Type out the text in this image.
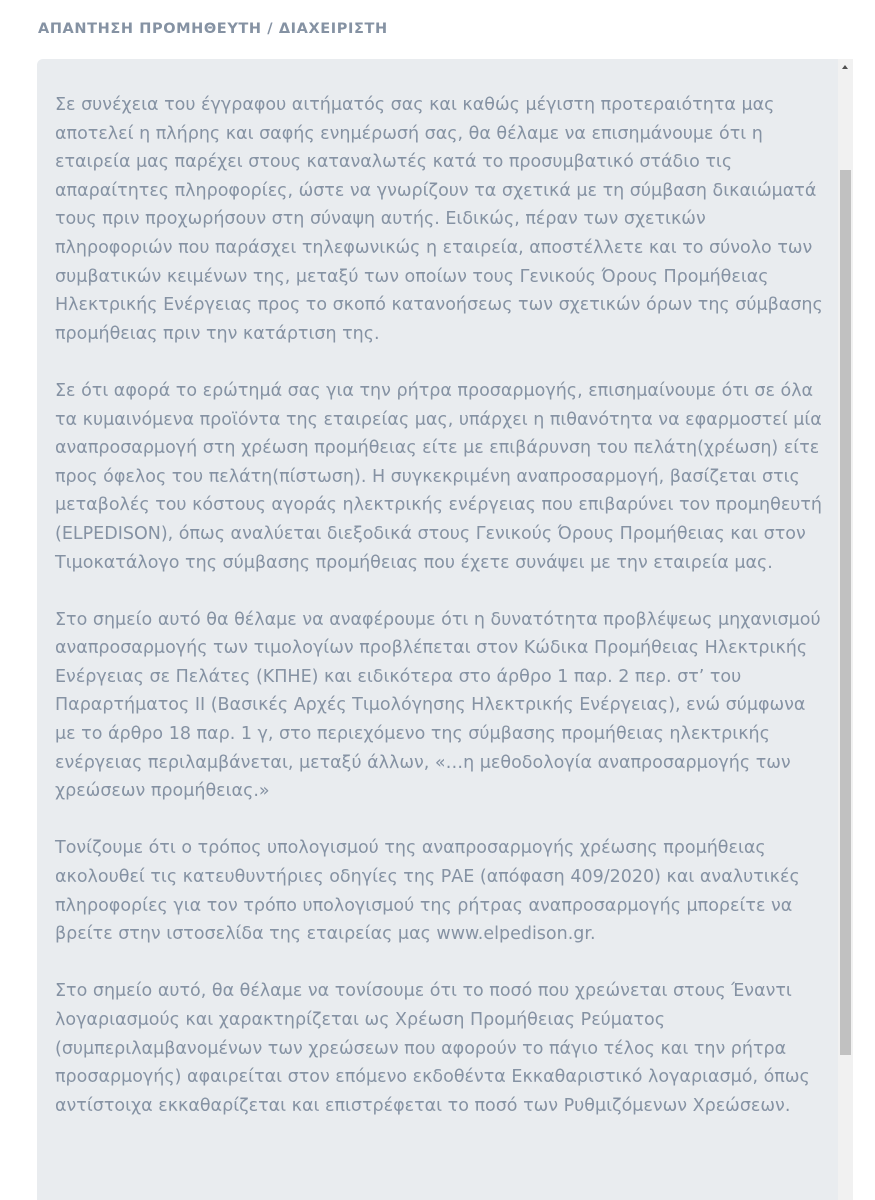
ΑΠΑΝΤΗΣΗ ΠΡΟΜΗΘΕΥΤΗ / ΔΙΑΧΕΙΡΙΣΤΗ

Σε συνέχεια του έγγραφου αιτήματός σας και καθώς μέγιστη προτεραιότητα μας αποτελεί η πλήρης και σαφής ενημέρωσή σας, θα θέλαμε να επισημάνουμε ότι η εταιρεία μας παρέχει στους καταναλωτές κατά το προσυμβατικό στάδιο τις απαραίτητες πληροφορίες, ώστε να γνωρίζουν τα σχετικά με τη σύμβαση δικαιώματά τους πριν προχωρήσουν στη σύναψη αυτής. Ειδικώς, πέραν των σχετικών πληροφοριών που παράσχει τηλεφωνικώς η εταιρεία, αποστέλλετε και το σύνολο των συμβατικών κειμένων της, μεταξύ των οποίων τους Γενικούς Όρους Προμήθειας Ηλεκτρικής Ενέργειας προς το σκοπό κατανοήσεως των σχετικών όρων της σύμβασης προμήθειας πριν την κατάρτιση της.

Σε ότι αφορά το ερώτημά σας για την ρήτρα προσαρμογής, επισημαίνουμε ότι σε όλα τα κυμαινόμενα προϊόντα της εταιρείας μας, υπάρχει η πιθανότητα να εφαρμοστεί μία αναπροσαρμογή στη χρέωση προμήθειας είτε με επιβάρυνση του πελάτη(χρέωση) είτε προς όφελος του πελάτη(πίστωση). Η συγκεκριμένη αναπροσαρμογή, βασίζεται στις μεταβολές του κόστους αγοράς ηλεκτρικής ενέργειας που επιβαρύνει τον προμηθευτή (ELPEDISON), όπως αναλύεται διεξοδικά στους Γενικούς Όρους Προμήθειας και στον Τιμοκατάλογο της σύμβασης προμήθειας που έχετε συνάψει με την εταιρεία μας.

Στο σημείο αυτό θα θέλαμε να αναφέρουμε ότι η δυνατότητα προβλέψεως μηχανισμού αναπροσαρμογής των τιμολογίων προβλέπεται στον Κώδικα Προμήθειας Ηλεκτρικής Ενέργειας σε Πελάτες (ΚΠΗΕ) και ειδικότερα στο άρθρο 1 παρ. 2 περ. στ’ του Παραρτήματος ΙΙ (Βασικές Αρχές Τιμολόγησης Ηλεκτρικής Ενέργειας), ενώ σύμφωνα με το άρθρο 18 παρ. 1 γ, στο περιεχόμενο της σύμβασης προμήθειας ηλεκτρικής ενέργειας περιλαμβάνεται, μεταξύ άλλων, «…η μεθοδολογία αναπροσαρμογής των χρεώσεων προμήθειας.»

Τονίζουμε ότι ο τρόπος υπολογισμού της αναπροσαρμογής χρέωσης προμήθειας ακολουθεί τις κατευθυντήριες οδηγίες της ΡΑΕ (απόφαση 409/2020) και αναλυτικές πληροφορίες για τον τρόπο υπολογισμού της ρήτρας αναπροσαρμογής μπορείτε να βρείτε στην ιστοσελίδα της εταιρείας μας www.elpedison.gr.

Στο σημείο αυτό, θα θέλαμε να τονίσουμε ότι το ποσό που χρεώνεται στους Έναντι λογαριασμούς και χαρακτηρίζεται ως Χρέωση Προμήθειας Ρεύματος (συμπεριλαμβανομένων των χρεώσεων που αφορούν το πάγιο τέλος και την ρήτρα προσαρμογής) αφαιρείται στον επόμενο εκδοθέντα Εκκαθαριστικό λογαριασμό, όπως αντίστοιχα εκκαθαρίζεται και επιστρέφεται το ποσό των Ρυθμιζόμενων Χρεώσεων.
